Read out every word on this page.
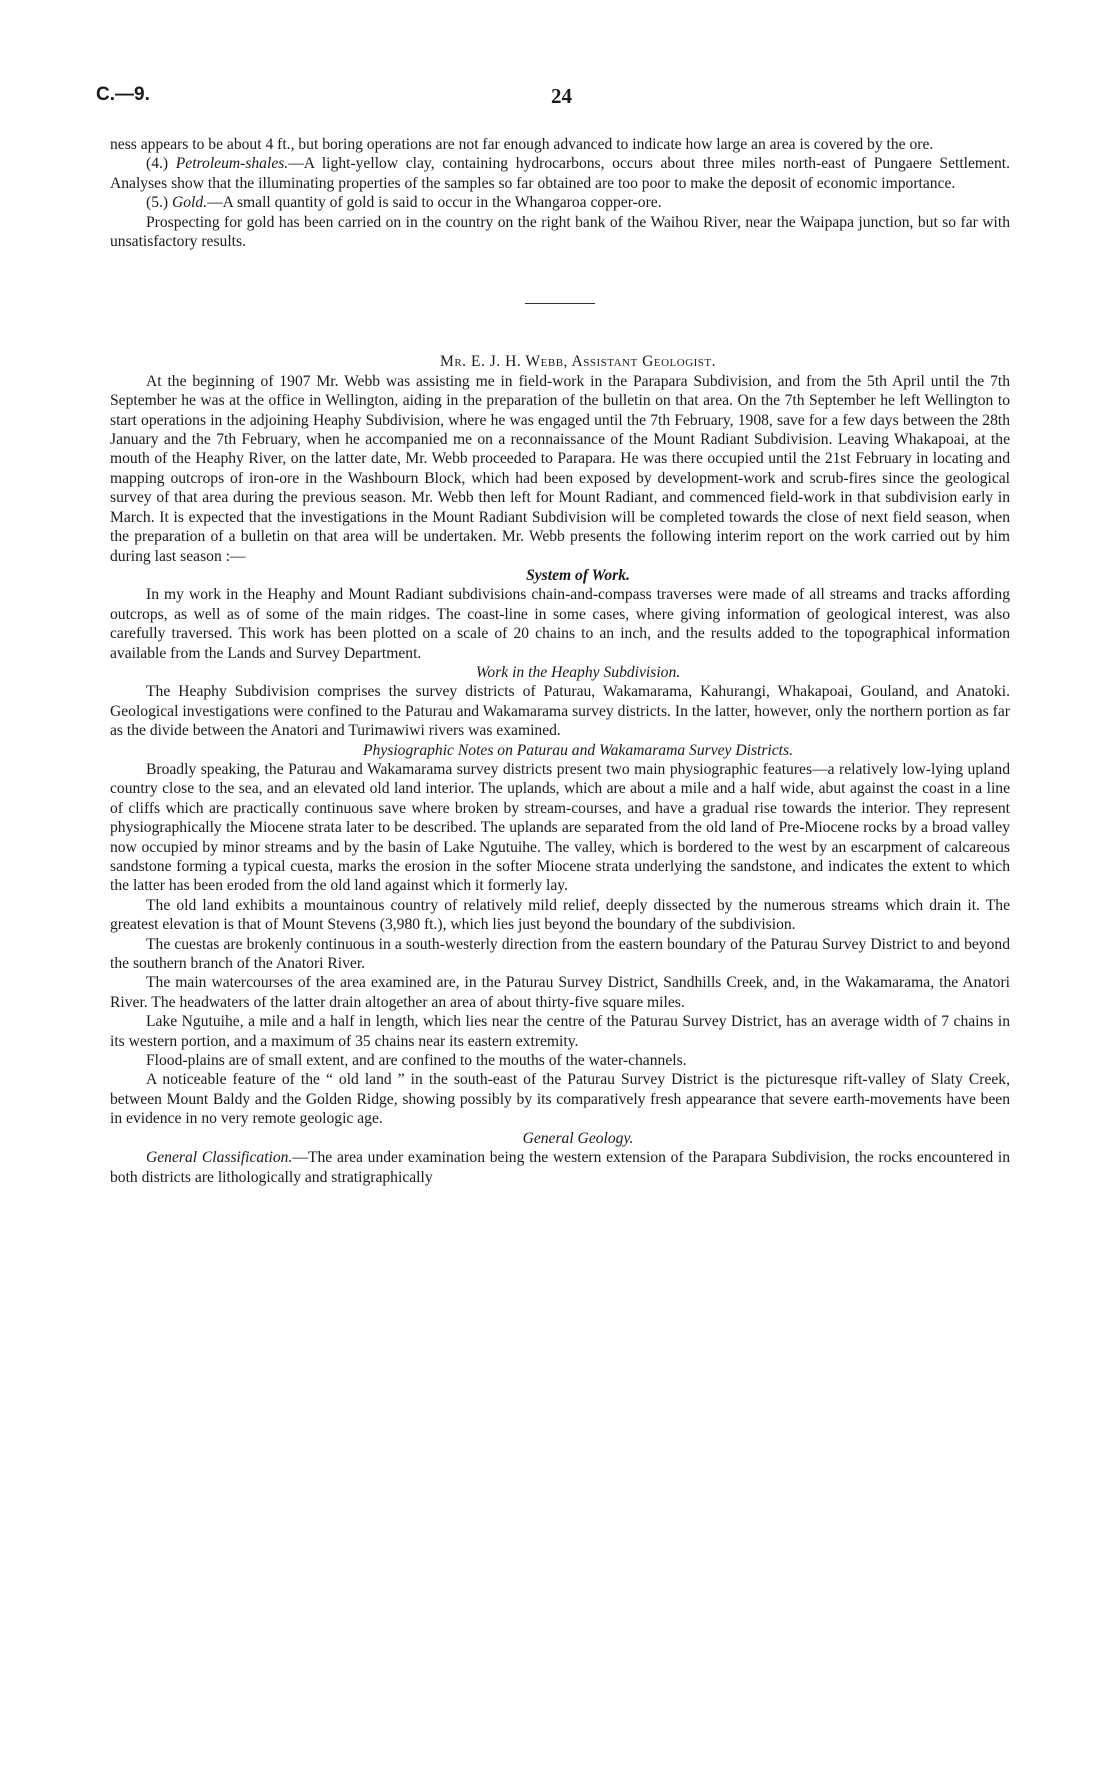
C.—9.	24

ness appears to be about 4 ft., but boring operations are not far enough advanced to indicate how large an area is covered by the ore.

(4.) Petroleum-shales.—A light-yellow clay, containing hydrocarbons, occurs about three miles north-east of Pungaere Settlement. Analyses show that the illuminating properties of the samples so far obtained are too poor to make the deposit of economic importance.

(5.) Gold.—A small quantity of gold is said to occur in the Whangaroa copper-ore.

Prospecting for gold has been carried on in the country on the right bank of the Waihou River, near the Waipapa junction, but so far with unsatisfactory results.

Mr. E. J. H. Webb, Assistant Geologist.

At the beginning of 1907 Mr. Webb was assisting me in field-work in the Parapara Subdivision, and from the 5th April until the 7th September he was at the office in Wellington, aiding in the preparation of the bulletin on that area. On the 7th September he left Wellington to start operations in the adjoining Heaphy Subdivision, where he was engaged until the 7th February, 1908, save for a few days between the 28th January and the 7th February, when he accompanied me on a reconnaissance of the Mount Radiant Subdivision. Leaving Whakapoai, at the mouth of the Heaphy River, on the latter date, Mr. Webb proceeded to Parapara. He was there occupied until the 21st February in locating and mapping outcrops of iron-ore in the Washbourn Block, which had been exposed by development-work and scrub-fires since the geological survey of that area during the previous season. Mr. Webb then left for Mount Radiant, and commenced field-work in that subdivision early in March. It is expected that the investigations in the Mount Radiant Subdivision will be completed towards the close of next field season, when the preparation of a bulletin on that area will be undertaken. Mr. Webb presents the following interim report on the work carried out by him during last season :—

System of Work.

In my work in the Heaphy and Mount Radiant subdivisions chain-and-compass traverses were made of all streams and tracks affording outcrops, as well as of some of the main ridges. The coast-line in some cases, where giving information of geological interest, was also carefully traversed. This work has been plotted on a scale of 20 chains to an inch, and the results added to the topographical information available from the Lands and Survey Department.

Work in the Heaphy Subdivision.

The Heaphy Subdivision comprises the survey districts of Paturau, Wakamarama, Kahurangi, Whakapoai, Gouland, and Anatoki. Geological investigations were confined to the Paturau and Wakamarama survey districts. In the latter, however, only the northern portion as far as the divide between the Anatori and Turimawiwi rivers was examined.

Physiographic Notes on Paturau and Wakamarama Survey Districts.

Broadly speaking, the Paturau and Wakamarama survey districts present two main physiographic features—a relatively low-lying upland country close to the sea, and an elevated old land interior. The uplands, which are about a mile and a half wide, abut against the coast in a line of cliffs which are practically continuous save where broken by stream-courses, and have a gradual rise towards the interior. They represent physiographically the Miocene strata later to be described. The uplands are separated from the old land of Pre-Miocene rocks by a broad valley now occupied by minor streams and by the basin of Lake Ngutuihe. The valley, which is bordered to the west by an escarpment of calcareous sandstone forming a typical cuesta, marks the erosion in the softer Miocene strata underlying the sandstone, and indicates the extent to which the latter has been eroded from the old land against which it formerly lay.

The old land exhibits a mountainous country of relatively mild relief, deeply dissected by the numerous streams which drain it. The greatest elevation is that of Mount Stevens (3,980 ft.), which lies just beyond the boundary of the subdivision.

The cuestas are brokenly continuous in a south-westerly direction from the eastern boundary of the Paturau Survey District to and beyond the southern branch of the Anatori River.

The main watercourses of the area examined are, in the Paturau Survey District, Sandhills Creek, and, in the Wakamarama, the Anatori River. The headwaters of the latter drain altogether an area of about thirty-five square miles.

Lake Ngutuihe, a mile and a half in length, which lies near the centre of the Paturau Survey District, has an average width of 7 chains in its western portion, and a maximum of 35 chains near its eastern extremity.

Flood-plains are of small extent, and are confined to the mouths of the water-channels.

A noticeable feature of the “ old land ” in the south-east of the Paturau Survey District is the picturesque rift-valley of Slaty Creek, between Mount Baldy and the Golden Ridge, showing possibly by its comparatively fresh appearance that severe earth-movements have been in evidence in no very remote geologic age.

General Geology.

General Classification.—The area under examination being the western extension of the Parapara Subdivision, the rocks encountered in both districts are lithologically and stratigraphically
